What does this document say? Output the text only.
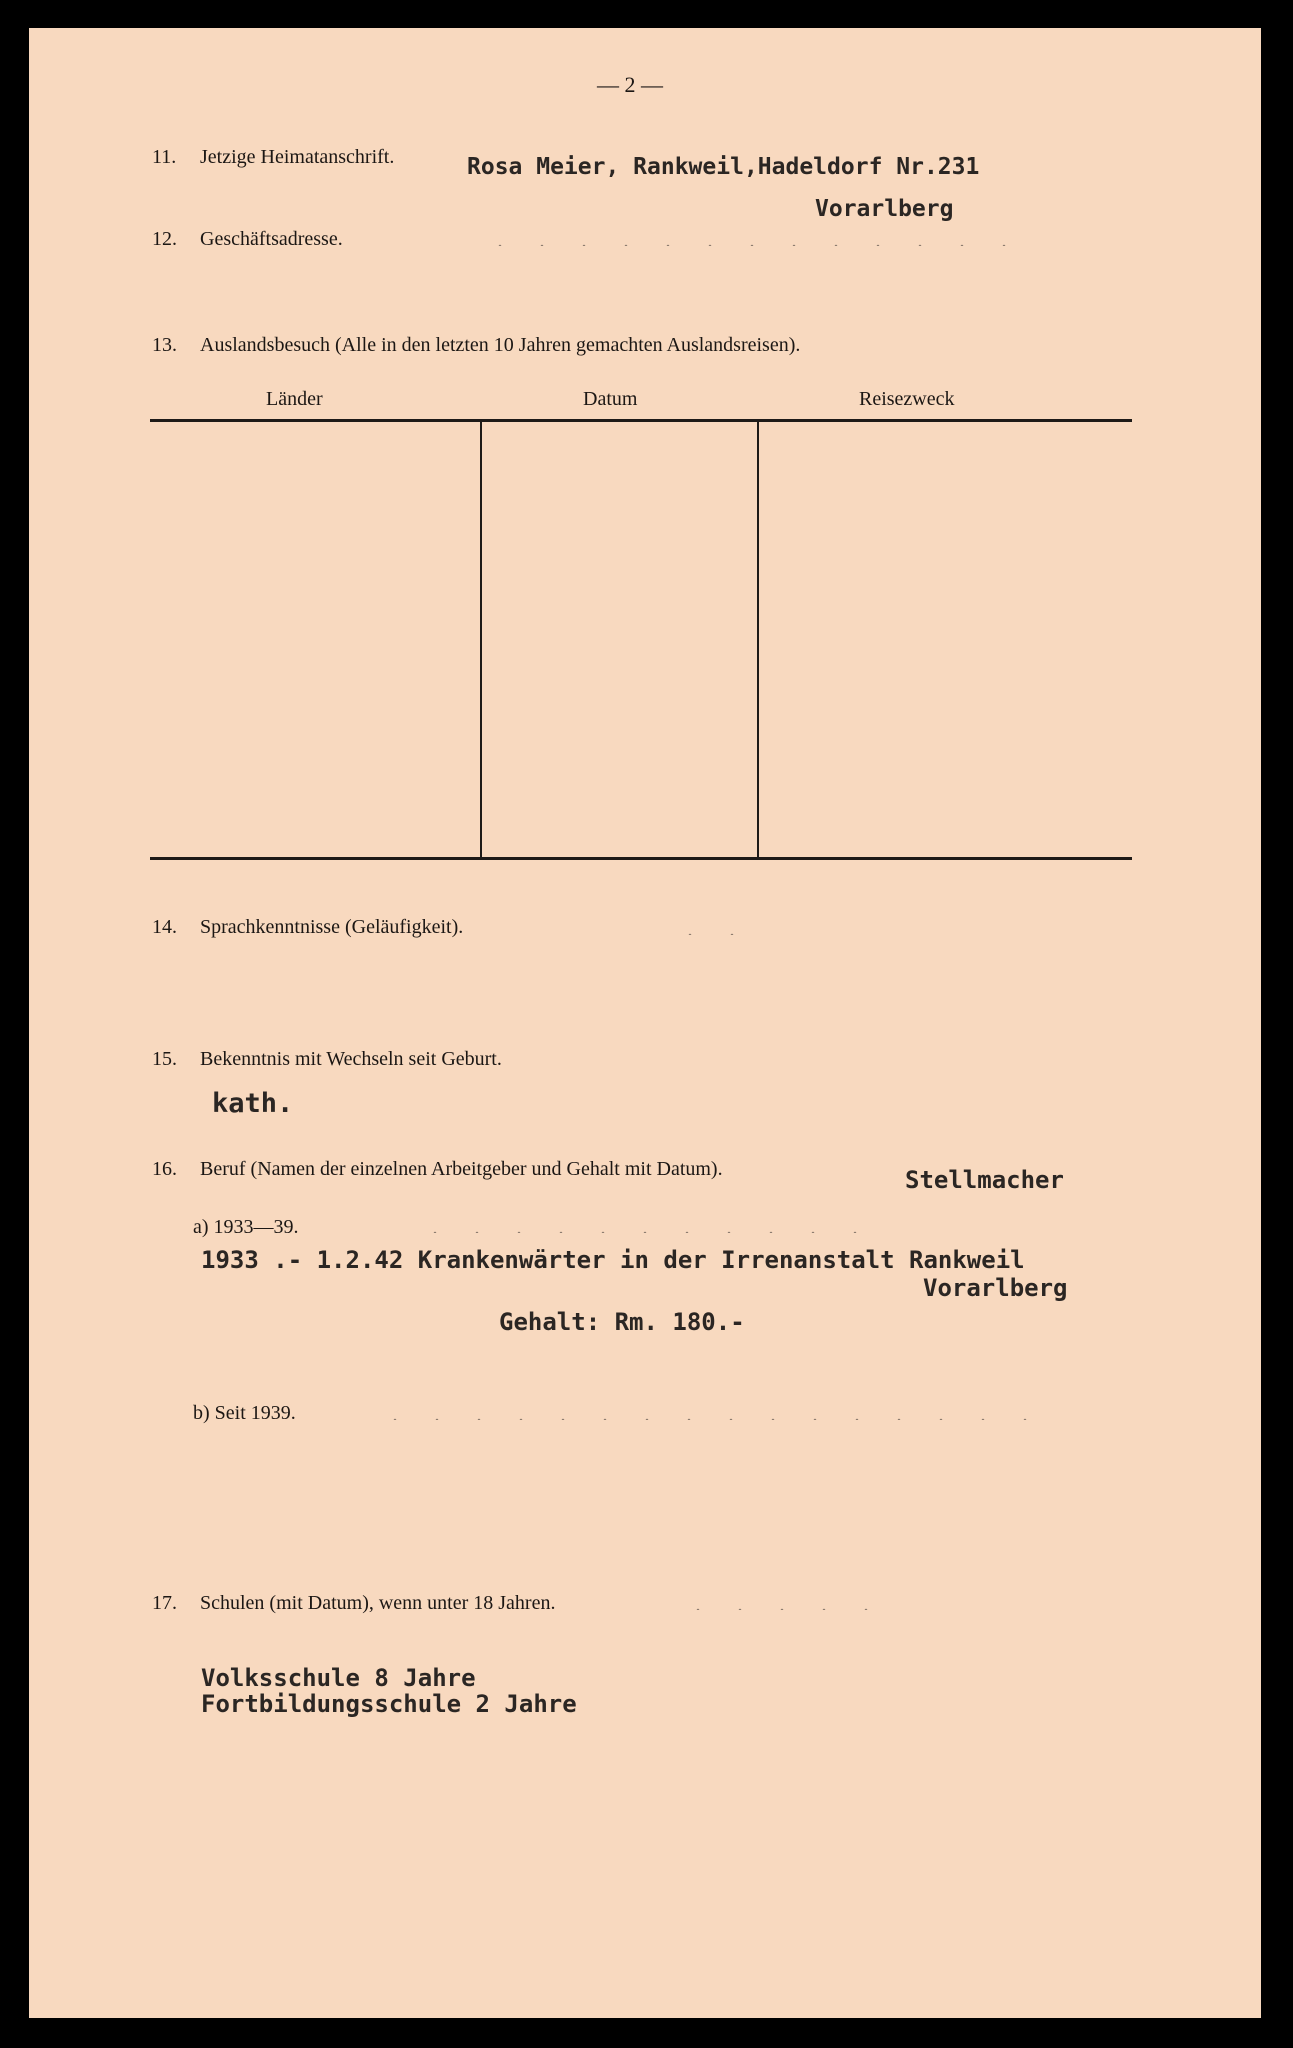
— 2 —
11. Jetzige Heimatanschrift.	Rosa Meier, Rankweil,Hadeldorf Nr.231
Vorarlberg
12. Geschäftsadresse.
13. Auslandsbesuch (Alle in den letzten 10 Jahren gemachten Auslandsreisen).
Länder	Datum	Reisezweck
14. Sprachkenntnisse (Geläufigkeit).
15. Bekenntnis mit Wechseln seit Geburt.
kath.
16. Beruf (Namen der einzelnen Arbeitgeber und Gehalt mit Datum).	Stellmacher
a) 1933—39.
1933 .- 1.2.42 Krankenwärter in der Irrenanstalt Rankweil
Vorarlberg
Gehalt: Rm. 180.-
b) Seit 1939.
17. Schulen (mit Datum), wenn unter 18 Jahren.
Volksschule 8 Jahre
Fortbildungsschule 2 Jahre
